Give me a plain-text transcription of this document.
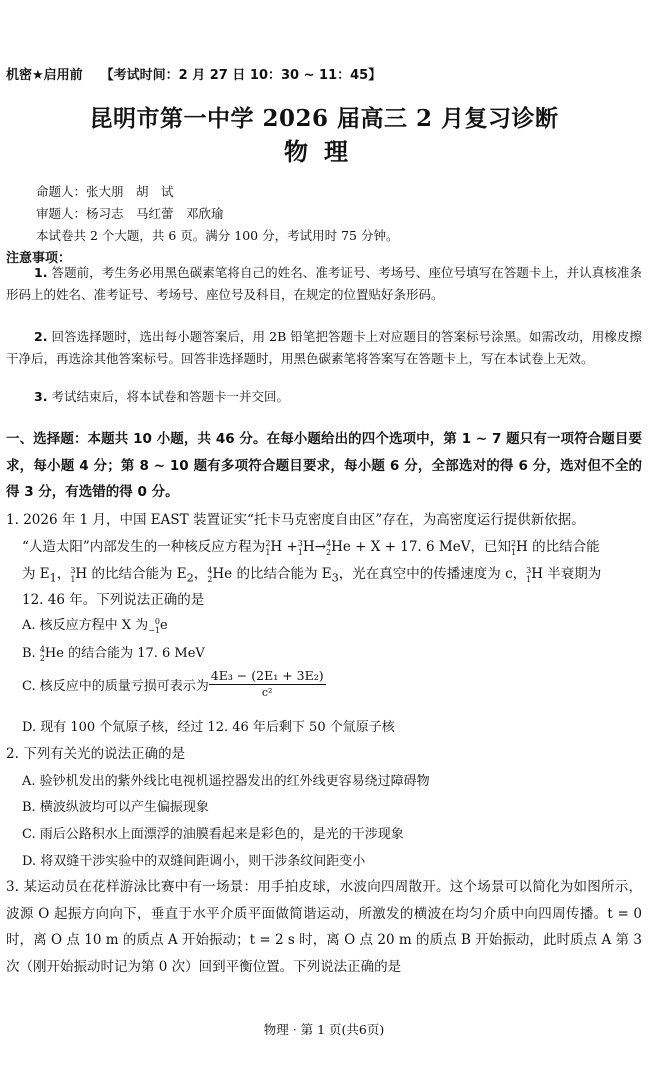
机密★启用前 【考试时间：2 月 27 日 10：30 ~ 11：45】
昆明市第一中学 2026 届高三 2 月复习诊断
物理
命题人：张大朋　胡　试
审题人：杨习志　马红蕾　邓欣瑜
本试卷共 2 个大题，共 6 页。满分 100 分，考试用时 75 分钟。
注意事项：
1. 答题前，考生务必用黑色碳素笔将自己的姓名、准考证号、考场号、座位号填写在答题卡上，并认真核准条形码上的姓名、准考证号、考场号、座位号及科目，在规定的位置贴好条形码。
2. 回答选择题时，选出每小题答案后，用 2B 铅笔把答题卡上对应题目的答案标号涂黑。如需改动，用橡皮擦干净后，再选涂其他答案标号。回答非选择题时，用黑色碳素笔将答案写在答题卡上，写在本试卷上无效。
3. 考试结束后，将本试卷和答题卡一并交回。
一、选择题：本题共 10 小题，共 46 分。在每小题给出的四个选项中，第 1 ~ 7 题只有一项符合题目要求，每小题 4 分；第 8 ~ 10 题有多项符合题目要求，每小题 6 分，全部选对的得 6 分，选对但不全的得 3 分，有选错的得 0 分。
1. 2026 年 1 月，中国 EAST 装置证实“托卡马克密度自由区”存在，为高密度运行提供新依据。
“人造太阳”内部发生的一种核反应方程为 2
1 H + 3
1 H→ 4
2 He + X + 17. 6 MeV，已知 2
1 H 的比结合能
为 $E_1$， 3
1 H 的比结合能为 $E_2$， 4
2 He 的比结合能为 $E_3$，光在真空中的传播速度为 c， 3
1 H 半衰期为
12. 46 年。下列说法正确的是
A. 核反应方程中 X 为 0
−1 e
B. 4
2 He 的结合能为 17. 6 MeV
C. 核反应中的质量亏损可表示为 $\frac{\text{4E₃ − (2E₁ + 3E₂)}}{\text{c²}}$
D. 现有 100 个氚原子核，经过 12. 46 年后剩下 50 个氚原子核
2. 下列有关光的说法正确的是
A. 验钞机发出的紫外线比电视机遥控器发出的红外线更容易绕过障碍物
B. 横波纵波均可以产生偏振现象
C. 雨后公路积水上面漂浮的油膜看起来是彩色的，是光的干涉现象
D. 将双缝干涉实验中的双缝间距调小，则干涉条纹间距变小
3. 某运动员在花样游泳比赛中有一场景：用手拍皮球，水波向四周散开。这个场景可以简化为如图所示，波源 O 起振方向向下，垂直于水平介质平面做简谐运动，所激发的横波在均匀介质中向四周传播。t = 0 时，离 O 点 10 m 的质点 A 开始振动；t = 2 s 时，离 O 点 20 m 的质点 B 开始振动，此时质点 A 第 3 次（刚开始振动时记为第 0 次）回到平衡位置。下列说法正确的是
物理 · 第 1 页(共6页)
